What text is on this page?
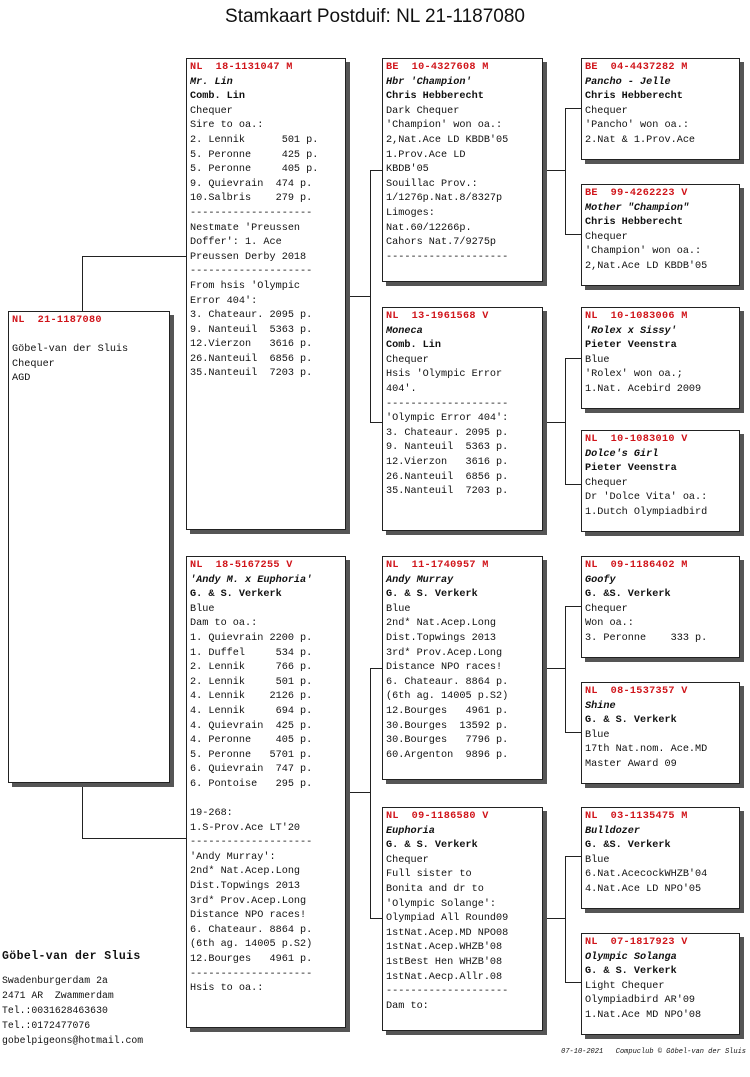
Stamkaart Postduif: NL 21-1187080
NL  21-1187080
Göbel-van der Sluis
Chequer
AGD
NL  18-1131047 M
Mr. Lin
Comb. Lin
Chequer
Sire to oa.:
2. Lennik      501 p.
5. Peronne     425 p.
5. Peronne     405 p.
9. Quievrain  474 p.
10.Salbris    279 p.
--------------------
Nestmate 'Preussen
Doffer': 1. Ace
Preussen Derby 2018
--------------------
From hsis 'Olympic
Error 404':
3. Chateaur. 2095 p.
9. Nanteuil  5363 p.
12.Vierzon   3616 p.
26.Nanteuil  6856 p.
35.Nanteuil  7203 p.
NL  18-5167255 V
'Andy M. x Euphoria'
G. & S. Verkerk
Blue
Dam to oa.:
1. Quievrain 2200 p.
1. Duffel     534 p.
2. Lennik     766 p.
2. Lennik     501 p.
4. Lennik    2126 p.
4. Lennik     694 p.
4. Quievrain  425 p.
4. Peronne    405 p.
5. Peronne   5701 p.
6. Quievrain  747 p.
6. Pontoise   295 p.
19-268:
1.S-Prov.Ace LT'20
--------------------
'Andy Murray':
2nd* Nat.Acep.Long
Dist.Topwings 2013
3rd* Prov.Acep.Long
Distance NPO races!
6. Chateaur. 8864 p.
(6th ag. 14005 p.S2)
12.Bourges   4961 p.
--------------------
Hsis to oa.:
BE  10-4327608 M
Hbr 'Champion'
Chris Hebberecht
Dark Chequer
'Champion' won oa.:
2,Nat.Ace LD KBDB'05
1.Prov.Ace LD
KBDB'05
Souillac Prov.:
1/1276p.Nat.8/8327p
Limoges:
Nat.60/12266p.
Cahors Nat.7/9275p
--------------------
NL  13-1961568 V
Moneca
Comb. Lin
Chequer
Hsis 'Olympic Error
404'.
--------------------
'Olympic Error 404':
3. Chateaur. 2095 p.
9. Nanteuil  5363 p.
12.Vierzon   3616 p.
26.Nanteuil  6856 p.
35.Nanteuil  7203 p.
NL  11-1740957 M
Andy Murray
G. & S. Verkerk
Blue
2nd* Nat.Acep.Long
Dist.Topwings 2013
3rd* Prov.Acep.Long
Distance NPO races!
6. Chateaur. 8864 p.
(6th ag. 14005 p.S2)
12.Bourges   4961 p.
30.Bourges  13592 p.
30.Bourges   7796 p.
60.Argenton  9896 p.
NL  09-1186580 V
Euphoria
G. & S. Verkerk
Chequer
Full sister to
Bonita and dr to
'Olympic Solange':
Olympiad All Round09
1stNat.Acep.MD NPO08
1stNat.Acep.WHZB'08
1stBest Hen WHZB'08
1stNat.Aecp.Allr.08
--------------------
Dam to:
BE  04-4437282 M
Pancho - Jelle
Chris Hebberecht
Chequer
'Pancho' won oa.:
2.Nat & 1.Prov.Ace
BE  99-4262223 V
Mother "Champion"
Chris Hebberecht
Chequer
'Champion' won oa.:
2,Nat.Ace LD KBDB'05
NL  10-1083006 M
'Rolex x Sissy'
Pieter Veenstra
Blue
'Rolex' won oa.;
1.Nat. Acebird 2009
NL  10-1083010 V
Dolce's Girl
Pieter Veenstra
Chequer
Dr 'Dolce Vita' oa.:
1.Dutch Olympiadbird
NL  09-1186402 M
Goofy
G. &S. Verkerk
Chequer
Won oa.:
3. Peronne    333 p.
NL  08-1537357 V
Shine
G. & S. Verkerk
Blue
17th Nat.nom. Ace.MD
Master Award 09
NL  03-1135475 M
Bulldozer
G. &S. Verkerk
Blue
6.Nat.AcecockWHZB'04
4.Nat.Ace LD NPO'05
NL  07-1817923 V
Olympic Solanga
G. & S. Verkerk
Light Chequer
Olympiadbird AR'09
1.Nat.Ace MD NPO'08
Göbel-van der Sluis
Swadenburgerdam 2a
2471 AR  Zwammerdam
Tel.:0031628463630
Tel.:0172477076
gobelpigeons@hotmail.com
07-10-2021   Compuclub © Göbel-van der Sluis
